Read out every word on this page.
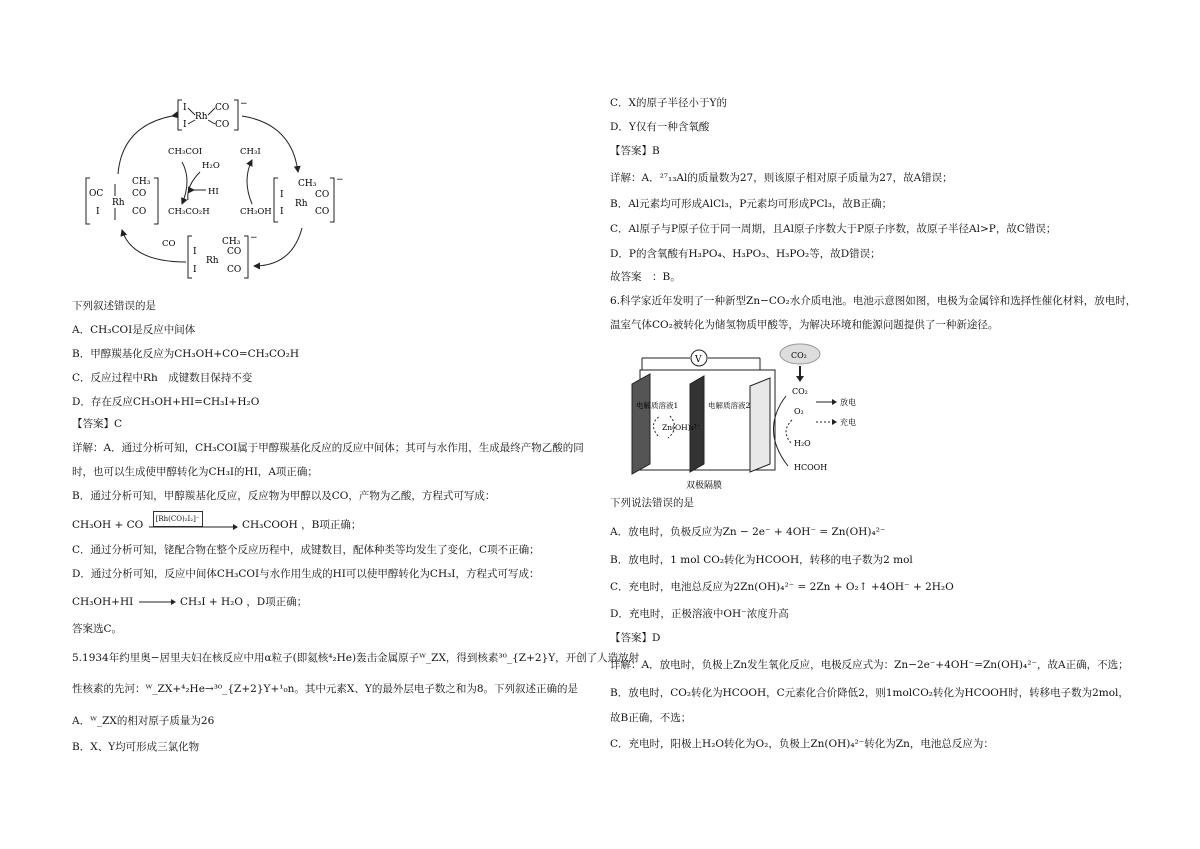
I
I
Rh
CO
CO
−
OC
I
Rh
CH₃
CO
CO
CH₃
I
I
Rh
CO
CO
−
CH₃
I
I
Rh
CO
CO
−
CH₃COI
H₂O
CH₃I
HI
CH₃CO₂H	CH₃OH
CO
下列叙述错误的是
A．CH₃COI是反应中间体
B．甲醇羰基化反应为CH₃OH+CO=CH₃CO₂H
C．反应过程中Rh　成键数目保持不变
D．存在反应CH₃OH+HI=CH₃I+H₂O
【答案】C
详解：A．通过分析可知，CH₃COI属于甲醇羰基化反应的反应中间体；其可与水作用，生成最终产物乙酸的同
时，也可以生成使甲醇转化为CH₃I的HI，A项正确；
B．通过分析可知，甲醇羰基化反应，反应物为甲醇以及CO，产物为乙酸，方程式可写成：
CH₃OH + CO	[Rh(CO)₂I₂]⁻	CH₃COOH ，B项正确；
C．通过分析可知，铑配合物在整个反应历程中，成键数目，配体种类等均发生了变化，C项不正确；
D．通过分析可知，反应中间体CH₃COI与水作用生成的HI可以使甲醇转化为CH₃I，方程式可写成：
CH₃OH+HI	CH₃I + H₂O ，D项正确；
答案选C。
5.1934年约里奥−居里夫妇在核反应中用α粒子(即氦核⁴₂He)轰击金属原子ᵂ_ZX，得到核素³⁰_{Z+2}Y，开创了人造放射
性核素的先河：ᵂ_ZX+⁴₂He→³⁰_{Z+2}Y+¹₀n。其中元素X、Y的最外层电子数之和为8。下列叙述正确的是
A．ᵂ_ZX的相对原子质量为26
B．X、Y均可形成三氯化物
C．X的原子半径小于Y的
D．Y仅有一种含氧酸
【答案】B
详解：A．²⁷₁₃Al的质量数为27，则该原子相对原子质量为27，故A错误；
B．Al元素均可形成AlCl₃，P元素均可形成PCl₃，故B正确；
C．Al原子与P原子位于同一周期，且Al原子序数大于P原子序数，故原子半径Al>P，故C错误；
D．P的含氧酸有H₃PO₄、H₃PO₃、H₃PO₂等，故D错误；
故答案　：B。
6.科学家近年发明了一种新型Zn−CO₂水介质电池。电池示意图如图，电极为金属锌和选择性催化材料，放电时，
温室气体CO₂被转化为储氢物质甲酸等，为解决环境和能源问题提供了一种新途径。
V
电解质溶液1	电解质溶液2
Zn(OH)₄²⁻
CO₂
CO₂
O₂
H₂O
HCOOH
放电
充电
双极隔膜
下列说法错误的是
A．放电时，负极反应为Zn − 2e⁻ + 4OH⁻ = Zn(OH)₄²⁻
B．放电时，1 mol CO₂转化为HCOOH，转移的电子数为2 mol
C．充电时，电池总反应为2Zn(OH)₄²⁻ = 2Zn + O₂↑ +4OH⁻ + 2H₂O
D．充电时，正极溶液中OH⁻浓度升高
【答案】D
详解：A．放电时，负极上Zn发生氧化反应，电极反应式为：Zn−2e⁻+4OH⁻=Zn(OH)₄²⁻，故A正确，不选；
B．放电时，CO₂转化为HCOOH，C元素化合价降低2，则1molCO₂转化为HCOOH时，转移电子数为2mol，
故B正确，不选；
C．充电时，阳极上H₂O转化为O₂，负极上Zn(OH)₄²⁻转化为Zn，电池总反应为：
